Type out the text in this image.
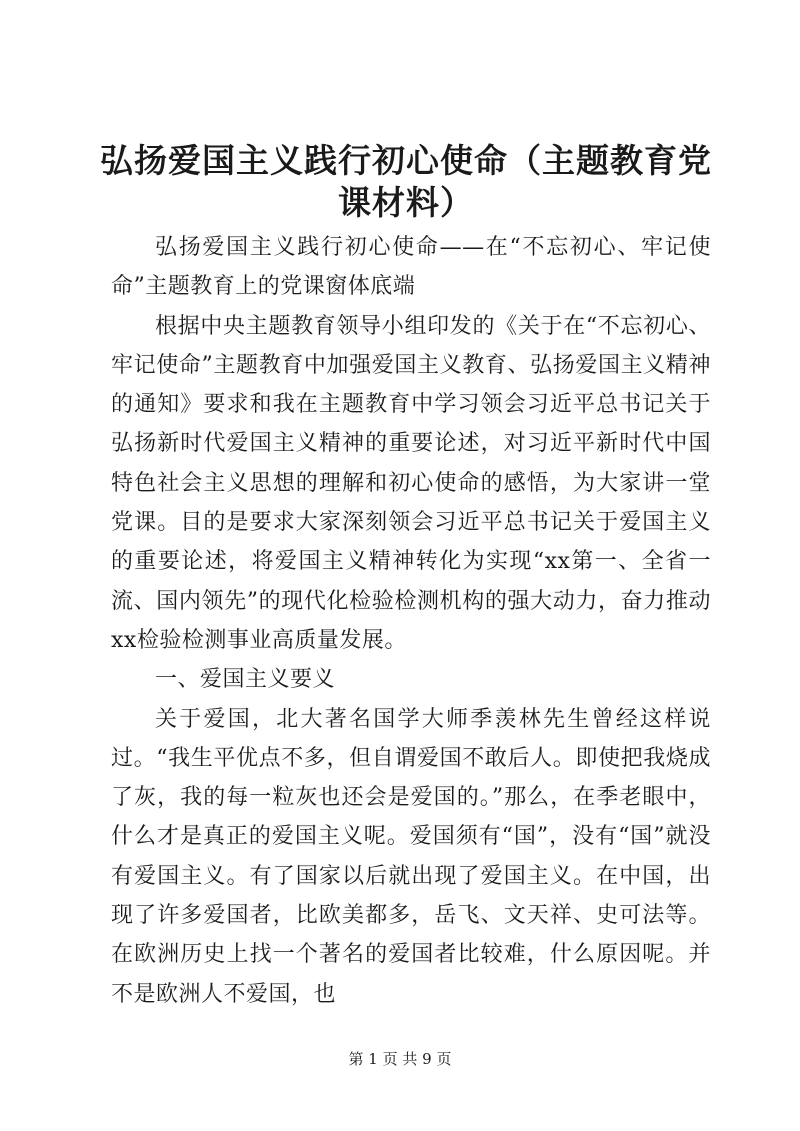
弘扬爱国主义践行初心使命（主题教育党课材料）

弘扬爱国主义践行初心使命——在“不忘初心、牢记使命”主题教育上的党课窗体底端

根据中央主题教育领导小组印发的《关于在“不忘初心、牢记使命”主题教育中加强爱国主义教育、弘扬爱国主义精神的通知》要求和我在主题教育中学习领会习近平总书记关于弘扬新时代爱国主义精神的重要论述，对习近平新时代中国特色社会主义思想的理解和初心使命的感悟，为大家讲一堂党课。目的是要求大家深刻领会习近平总书记关于爱国主义的重要论述，将爱国主义精神转化为实现“xx第一、全省一流、国内领先”的现代化检验检测机构的强大动力，奋力推动xx检验检测事业高质量发展。

一、爱国主义要义

关于爱国，北大著名国学大师季羡林先生曾经这样说过。“我生平优点不多，但自谓爱国不敢后人。即使把我烧成了灰，我的每一粒灰也还会是爱国的。”那么，在季老眼中，什么才是真正的爱国主义呢。爱国须有“国”，没有“国”就没有爱国主义。有了国家以后就出现了爱国主义。在中国，出现了许多爱国者，比欧美都多，岳飞、文天祥、史可法等。在欧洲历史上找一个著名的爱国者比较难，什么原因呢。并不是欧洲人不爱国，也

第 1 页 共 9 页
